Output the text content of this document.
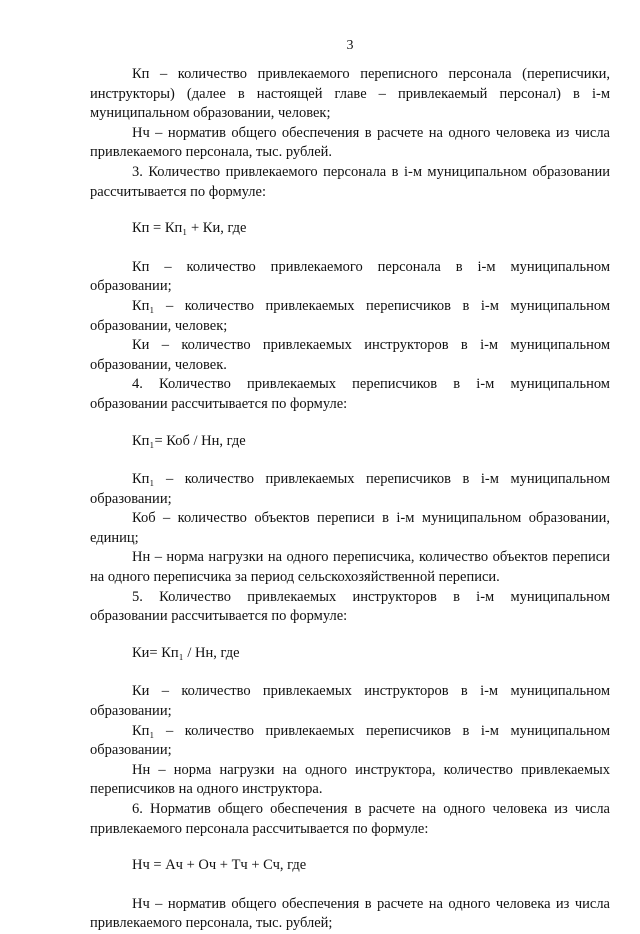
3

Кп – количество привлекаемого переписного персонала (переписчики, инструкторы) (далее в настоящей главе – привлекаемый персонал) в i-м муниципальном образовании, человек;

Нч – норматив общего обеспечения в расчете на одного человека из числа привлекаемого персонала, тыс. рублей.

3. Количество привлекаемого персонала в i-м муниципальном образовании рассчитывается по формуле:

Кп = Кп₁ + Ки, где

Кп – количество привлекаемого персонала в i-м муниципальном образовании;

Кп₁ – количество привлекаемых переписчиков в i-м муниципальном образовании, человек;

Ки – количество привлекаемых инструкторов в i-м муниципальном образовании, человек.

4. Количество привлекаемых переписчиков в i-м муниципальном образовании рассчитывается по формуле:

Кп₁= Коб / Нн, где

Кп₁ – количество привлекаемых переписчиков в i-м муниципальном образовании;

Коб – количество объектов переписи в i-м муниципальном образовании, единиц;

Нн – норма нагрузки на одного переписчика, количество объектов переписи на одного переписчика за период сельскохозяйственной переписи.

5. Количество привлекаемых инструкторов в i-м муниципальном образовании рассчитывается по формуле:

Ки= Кп₁ / Нн, где

Ки – количество привлекаемых инструкторов в i-м муниципальном образовании;

Кп₁ – количество привлекаемых переписчиков в i-м муниципальном образовании;

Нн – норма нагрузки на одного инструктора, количество привлекаемых переписчиков на одного инструктора.

6. Норматив общего обеспечения в расчете на одного человека из числа привлекаемого персонала рассчитывается по формуле:

Нч = Ач + Оч + Тч + Сч, где

Нч – норматив общего обеспечения в расчете на одного человека из числа привлекаемого персонала, тыс. рублей;
